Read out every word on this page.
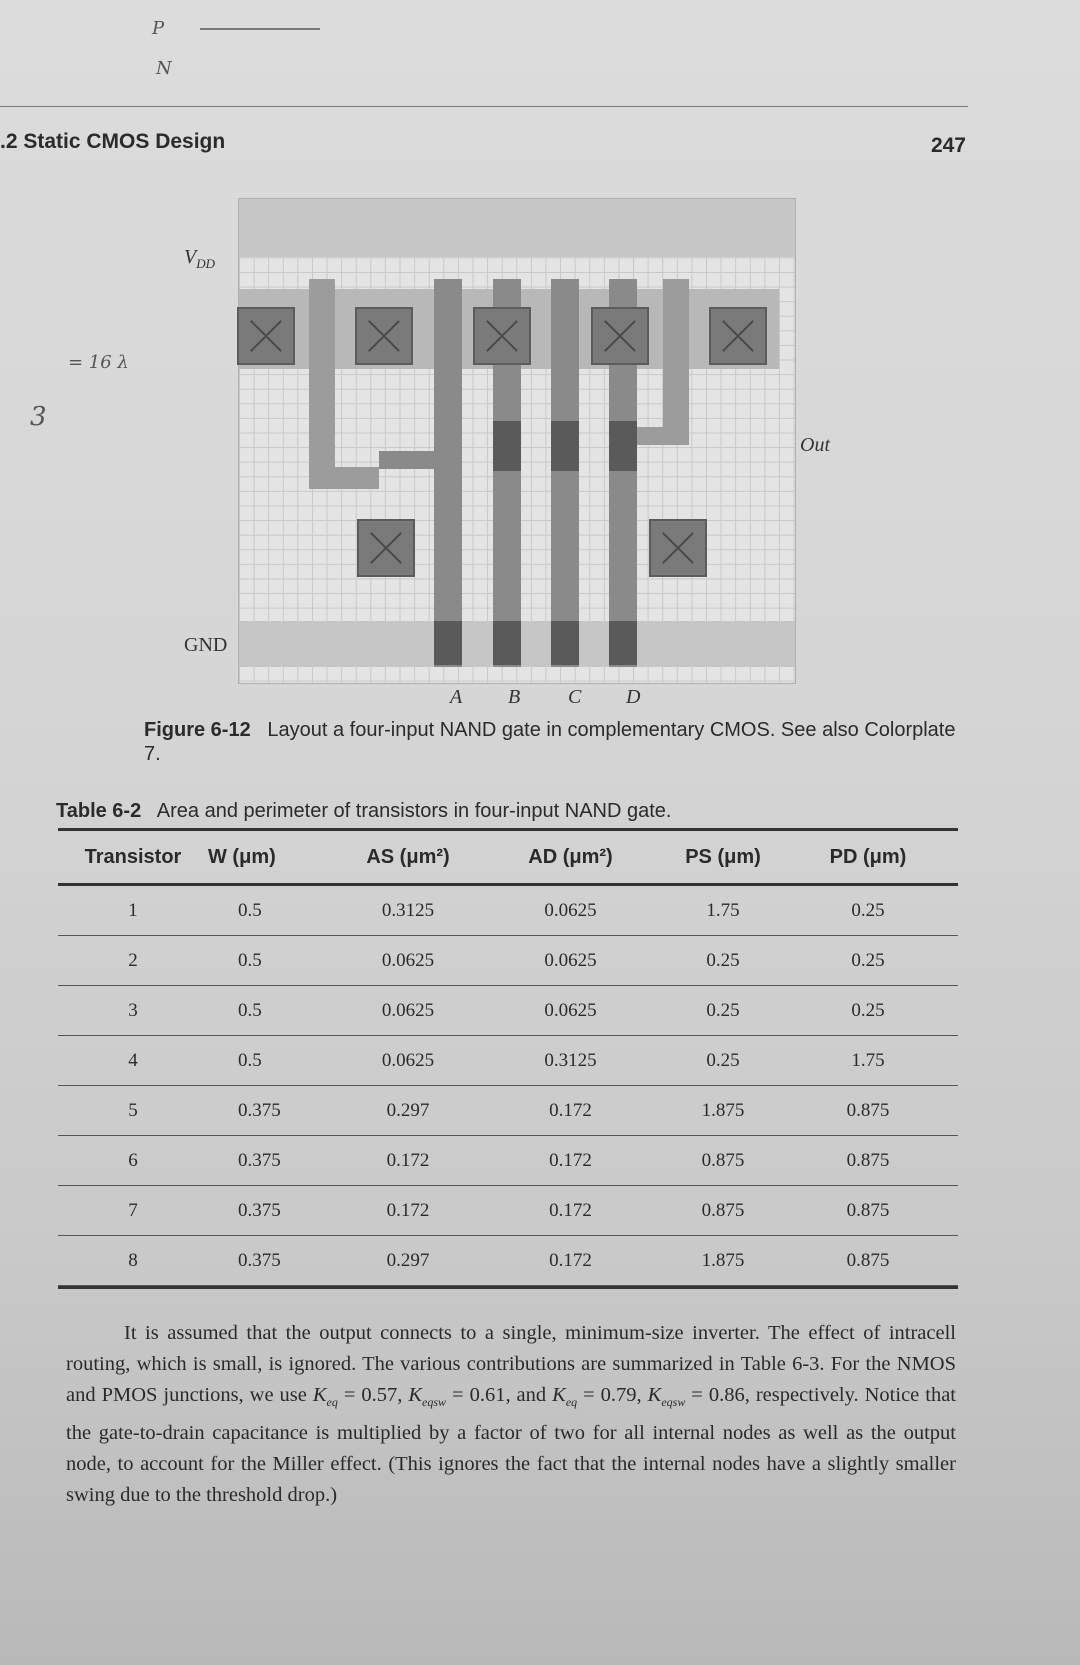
P
N
= 16 λ
3
.2 Static CMOS Design	247
$V_{DD}$
GND
Out
A B C D
Figure 6-12 Layout a four-input NAND gate in complementary CMOS. See also Colorplate 7.
Table 6-2 Area and perimeter of transistors in four-input NAND gate.
Transistor	W (μm)	AS (μm²)	AD (μm²)	PS (μm)	PD (μm)
1	0.5	0.3125	0.0625	1.75	0.25
2	0.5	0.0625	0.0625	0.25	0.25
3	0.5	0.0625	0.0625	0.25	0.25
4	0.5	0.0625	0.3125	0.25	1.75
5	0.375	0.297	0.172	1.875	0.875
6	0.375	0.172	0.172	0.875	0.875
7	0.375	0.172	0.172	0.875	0.875
8	0.375	0.297	0.172	1.875	0.875

It is assumed that the output connects to a single, minimum-size inverter. The effect of intracell routing, which is small, is ignored. The various contributions are summarized in Table 6-3. For the NMOS and PMOS junctions, we use $K_{eq} = 0.57$, $K_{eqsw} = 0.61$, and $K_{eq} = 0.79$, $K_{eqsw} = 0.86$, respectively. Notice that the gate-to-drain capacitance is multiplied by a factor of two for all internal nodes as well as the output node, to account for the Miller effect. (This ignores the fact that the internal nodes have a slightly smaller swing due to the threshold drop.)
